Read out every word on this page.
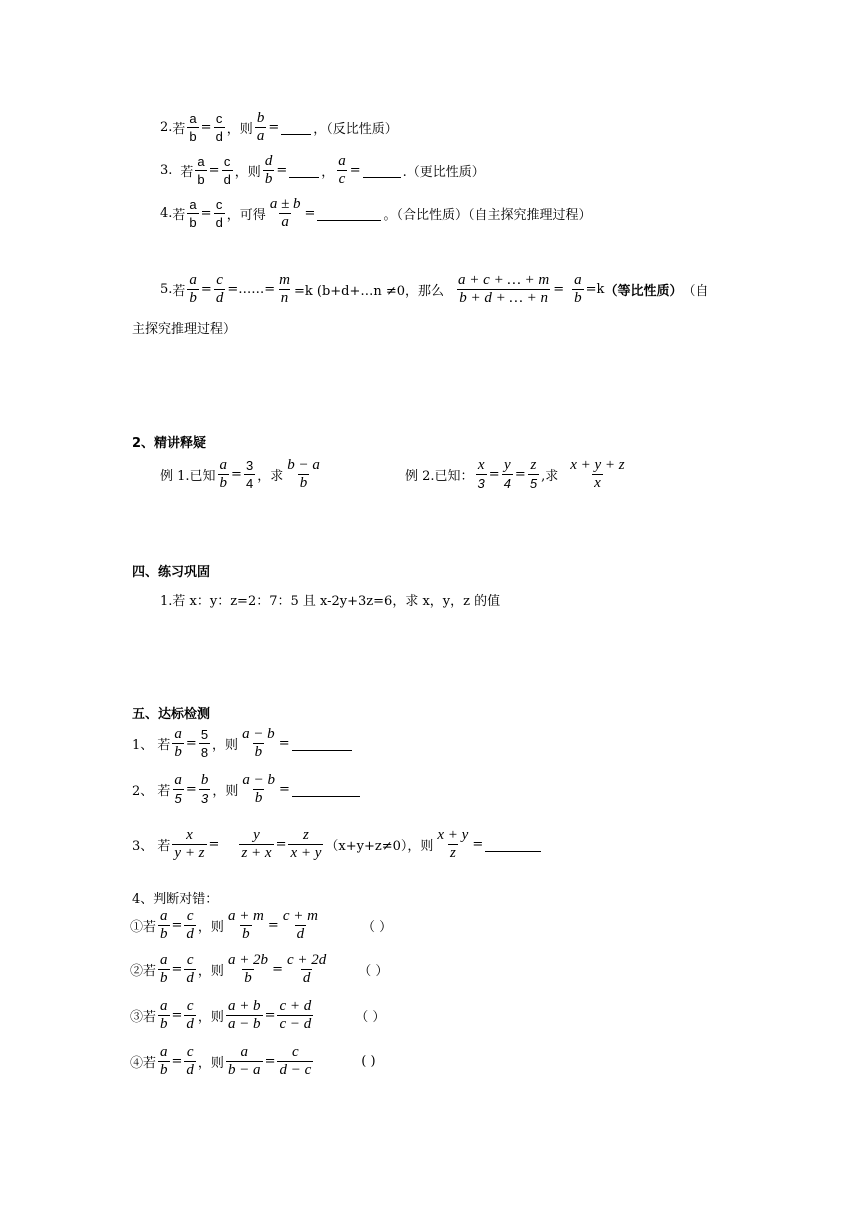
2. 若 $\frac{a}{b} = \frac{c}{d}$ ，则 $\frac{b}{a}$ =	，（反比性质）
3. 若 $\frac{a}{b} = \frac{c}{d}$ ，则 $\frac{d}{b}$ =	， $\frac{a}{c}$ =	.（更比性质）
4. 若 $\frac{a}{b} = \frac{c}{d}$ ，可得 $\frac{a \pm b}{a}$ =	。（合比性质）（自主探究推理过程）
5. 若 $\frac{a}{b} = \frac{c}{d}$ =……= $\frac{m}{n} =k$ (b+d+…n ≠0，那么 $\frac{a + c + \dots + m}{b + d + \dots + n} = \frac{a}{b} =k$ （等比性质） （自
主探究推理过程）
2、精讲释疑
例 1.已知 $\frac{a}{b} = \frac{3}{4}$ ，求 $\frac{b - a}{b}$	例 2.已知： $\frac{x}{3} = \frac{y}{4} = \frac{z}{5}$ ,求 $\frac{x + y + z}{x}$
四、练习巩固
1.若 x：y：z=2：7：5 且 x-2y+3z=6，求 x，y，z 的值
五、达标检测
1、 若 $\frac{a}{b} = \frac{5}{8}$ ，则 $\frac{a - b}{b}$ =
2、 若 $\frac{a}{5} = \frac{b}{3}$ ，则 $\frac{a - b}{b}$ =
3、 若 $\frac{x}{y + z} = \frac{y}{z + x} = \frac{z}{x + y} (x+y+z\ne 0)$，则 $\frac{x + y}{z}$ =
4、判断对错：
①若 $\frac{a}{b} = \frac{c}{d}$ ，则 $\frac{a + m}{b} = \frac{c + m}{d}$	（ ）
②若 $\frac{a}{b} = \frac{c}{d}$ ，则 $\frac{a + 2b}{b} = \frac{c + 2d}{d}$ （ ）
③若 $\frac{a}{b} = \frac{c}{d}$ ，则 $\frac{a + b}{a - b} = \frac{c + d}{c - d}$	（ ）
④若 $\frac{a}{b} = \frac{c}{d}$ ，则 $\frac{a}{b - a} = \frac{c}{d - c}$	( )
